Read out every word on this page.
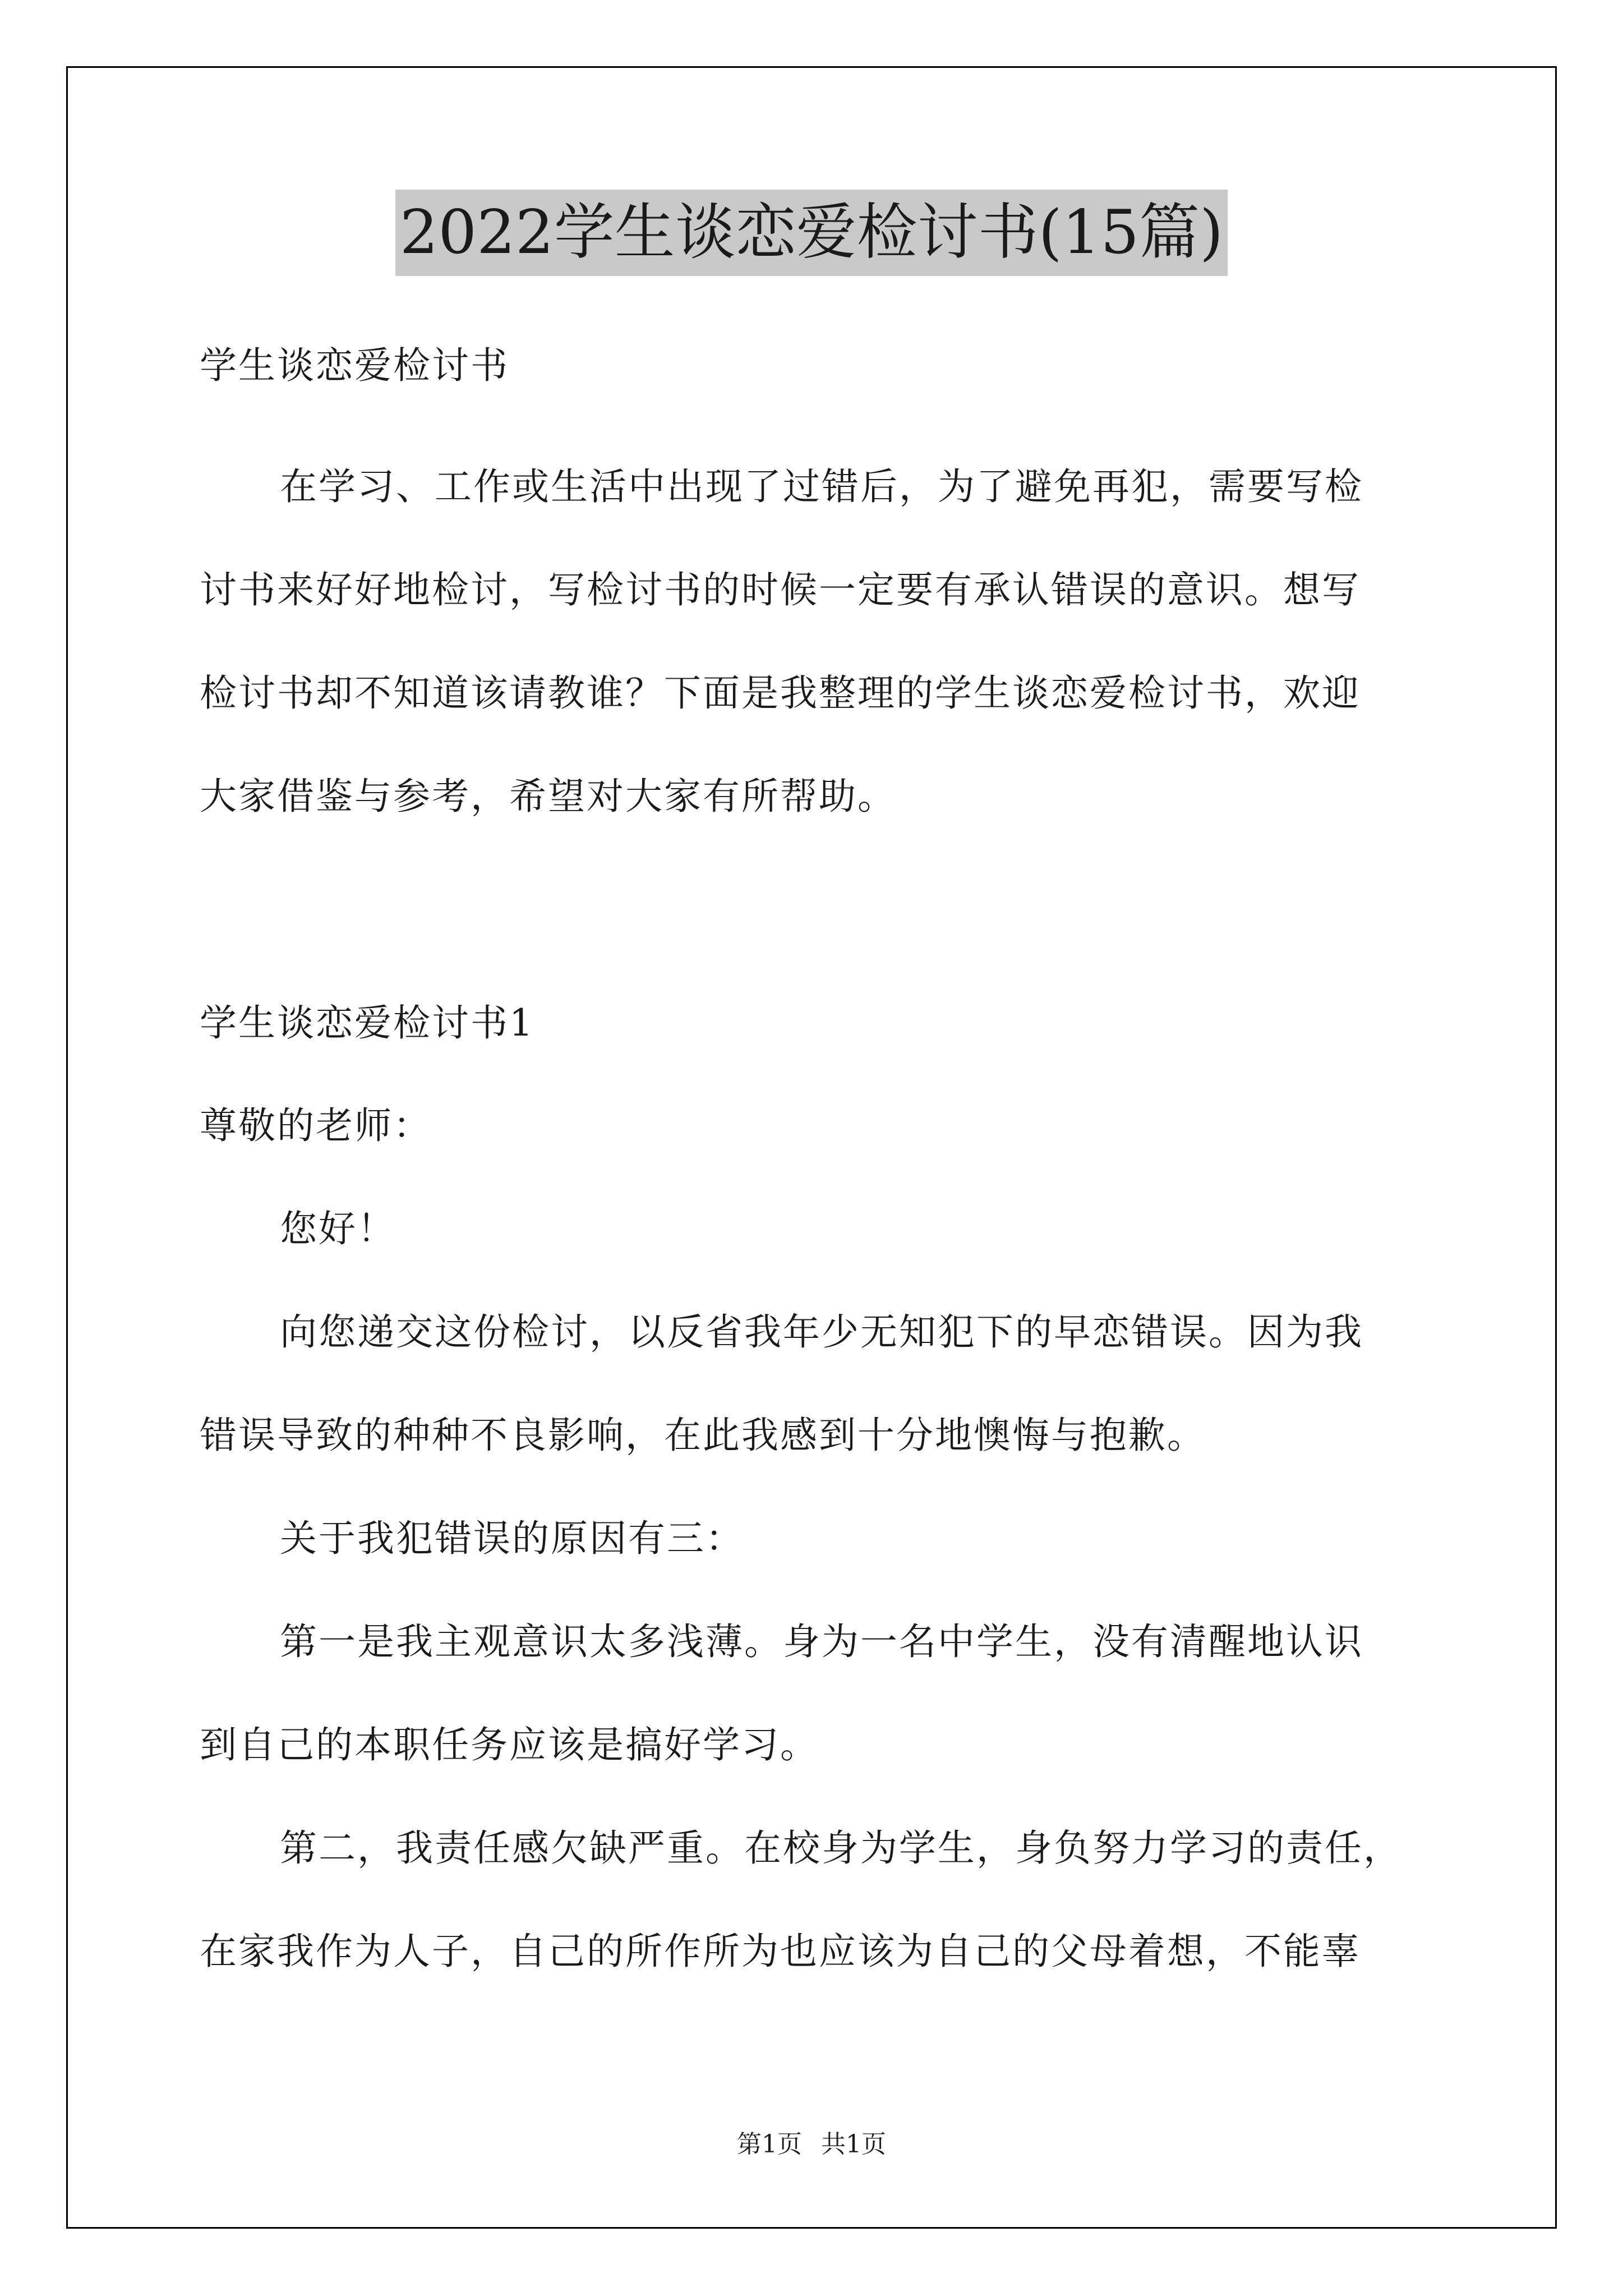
2022学生谈恋爱检讨书(15篇)
学生谈恋爱检讨书
在学习、工作或生活中出现了过错后，为了避免再犯，需要写检
讨书来好好地检讨，写检讨书的时候一定要有承认错误的意识。想写
检讨书却不知道该请教谁？下面是我整理的学生谈恋爱检讨书，欢迎
大家借鉴与参考，希望对大家有所帮助。
学生谈恋爱检讨书1
尊敬的老师：
您好！
向您递交这份检讨，以反省我年少无知犯下的早恋错误。因为我
错误导致的种种不良影响，在此我感到十分地懊悔与抱歉。
关于我犯错误的原因有三：
第一是我主观意识太多浅薄。身为一名中学生，没有清醒地认识
到自己的本职任务应该是搞好学习。
第二，我责任感欠缺严重。在校身为学生，身负努力学习的责任，
在家我作为人子，自己的所作所为也应该为自己的父母着想，不能辜
第1页 共1页
